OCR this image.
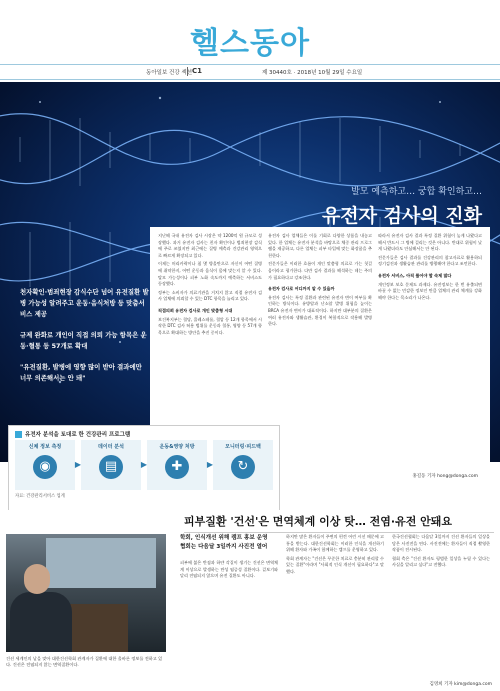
헬스동아
동아일보 건강 섹션 C1	제 30440호 · 2018년 10월 29일 수요일
발모 예측하고… 궁합 확인하고…
유전자 검사의 진화

천자확인·범죄현장 감식수단 넘어 유전질환 발병 가능성 알려주고 운동·음식처방 등 맞춤서비스 제공

규제 완화로 개인이 직접 의뢰 가능 항목은 운동·혈통 등 57개로 확대

"유전질환, 발병에 영향 많이 받아 결과에만 너무 의존해서는 안 돼"

지난해 국내 유전자 검사 시장은 약 1200억 원 규모로 성장했다. 과거 유전자 검사는 친자 확인이나 범죄현장 감식에 주로 쓰였지만 최근에는 질병 예측과 건강관리 영역으로 빠르게 확장되고 있다.

이제는 머리카락이나 침 몇 방울만으로 자신이 어떤 질병에 취약한지, 어떤 운동과 음식이 몸에 맞는지 알 수 있다. 탈모 가능성이나 피부 노화 속도까지 예측하는 서비스도 등장했다.

정부는 소비자가 의료기관을 거치지 않고 직접 유전자 검사 업체에 의뢰할 수 있는 DTC 항목을 늘리고 있다.

직접의뢰 유전자 검사로 개인 맞춤형 시대

보건복지부는 혈당, 콜레스테롤, 혈압 등 12개 항목에서 시작한 DTC 검사 허용 범위를 운동과 혈통, 영양 등 57개 항목으로 확대하는 방안을 추진 중이다.

유전자 검사 업체들은 이를 기회로 다양한 상품을 내놓고 있다. 한 업체는 유전자 분석을 바탕으로 체중 관리 프로그램을 제공하고, 다른 업체는 피부 타입에 맞는 화장품을 추천한다.

전문가들은 이러한 흐름이 개인 맞춤형 의료로 가는 첫걸음이라고 평가한다. 다만 검사 결과를 해석하는 데는 주의가 필요하다고 강조한다.

유전자 검사로 어디까지 알 수 있을까

유전자 검사는 특정 질환과 관련된 유전자 변이 여부를 확인하는 방식이다. 유방암과 난소암 발병 위험을 높이는 BRCA 유전자 변이가 대표적이다. 하지만 대부분의 질환은 여러 유전자와 생활습관, 환경이 복합적으로 작용해 발병한다.

따라서 유전자 검사 결과 특정 질환 위험이 높게 나왔다고 해서 반드시 그 병에 걸리는 것은 아니다. 반대로 위험이 낮게 나왔더라도 안심해서는 안 된다.

전문가들은 검사 결과를 건강관리의 참고자료로 활용하되 정기검진과 생활습관 관리를 병행해야 한다고 조언한다.

유전자 서비스, 아직 풀어야 할 숙제 많다

개인정보 보호 문제도 과제다. 유전정보는 한 번 유출되면 바꿀 수 없는 민감한 정보인 만큼 업체의 관리 체계를 강화해야 한다는 목소리가 나온다.

홍길동 기자 hong@donga.com
유전자 분석을 토대로 한 건강관리 프로그램
신체 정보 측정
◉	▶
데이터 분석
▤	▶
운동&영양 처방
✚	▶
모니터링·피드백
↻
자료: 건강관리서비스 업계
피부질환 '건선'은 면역체계 이상 탓… 전염·유전 안돼요
건선 세계인의 날을 맞아 대한건선학회 관계자가 질환에 대한 올바른 정보를 전하고 있다. 건선은 전염되지 않는 면역질환이다.
학회, 인식개선 위해 캠프 홍보 운영
협회는 다음달 3일까지 사진전 열어

피부에 붉은 반점과 하얀 각질이 생기는 건선은 면역체계 이상으로 발생하는 만성 염증성 질환이다. 겉보기와 달리 전염되지 않으며 유전 질환도 아니다.

하지만 많은 환자들이 주변의 편견 어린 시선 때문에 고통을 받는다. 대한건선학회는 이러한 인식을 개선하기 위해 환자와 가족이 함께하는 캠프를 운영하고 있다.

학회 관계자는 "건선은 꾸준한 치료로 충분히 관리할 수 있는 질환"이라며 "사회적 인식 개선이 필요하다"고 말했다.

한국건선협회는 다음달 3일까지 건선 환자들의 일상을 담은 사진전을 연다. 사진전에는 환자들이 직접 촬영한 작품이 전시된다.

협회 측은 "건선 환자도 평범한 일상을 누릴 수 있다는 사실을 알리고 싶다"고 전했다.

김영희 기자 kim@donga.com
